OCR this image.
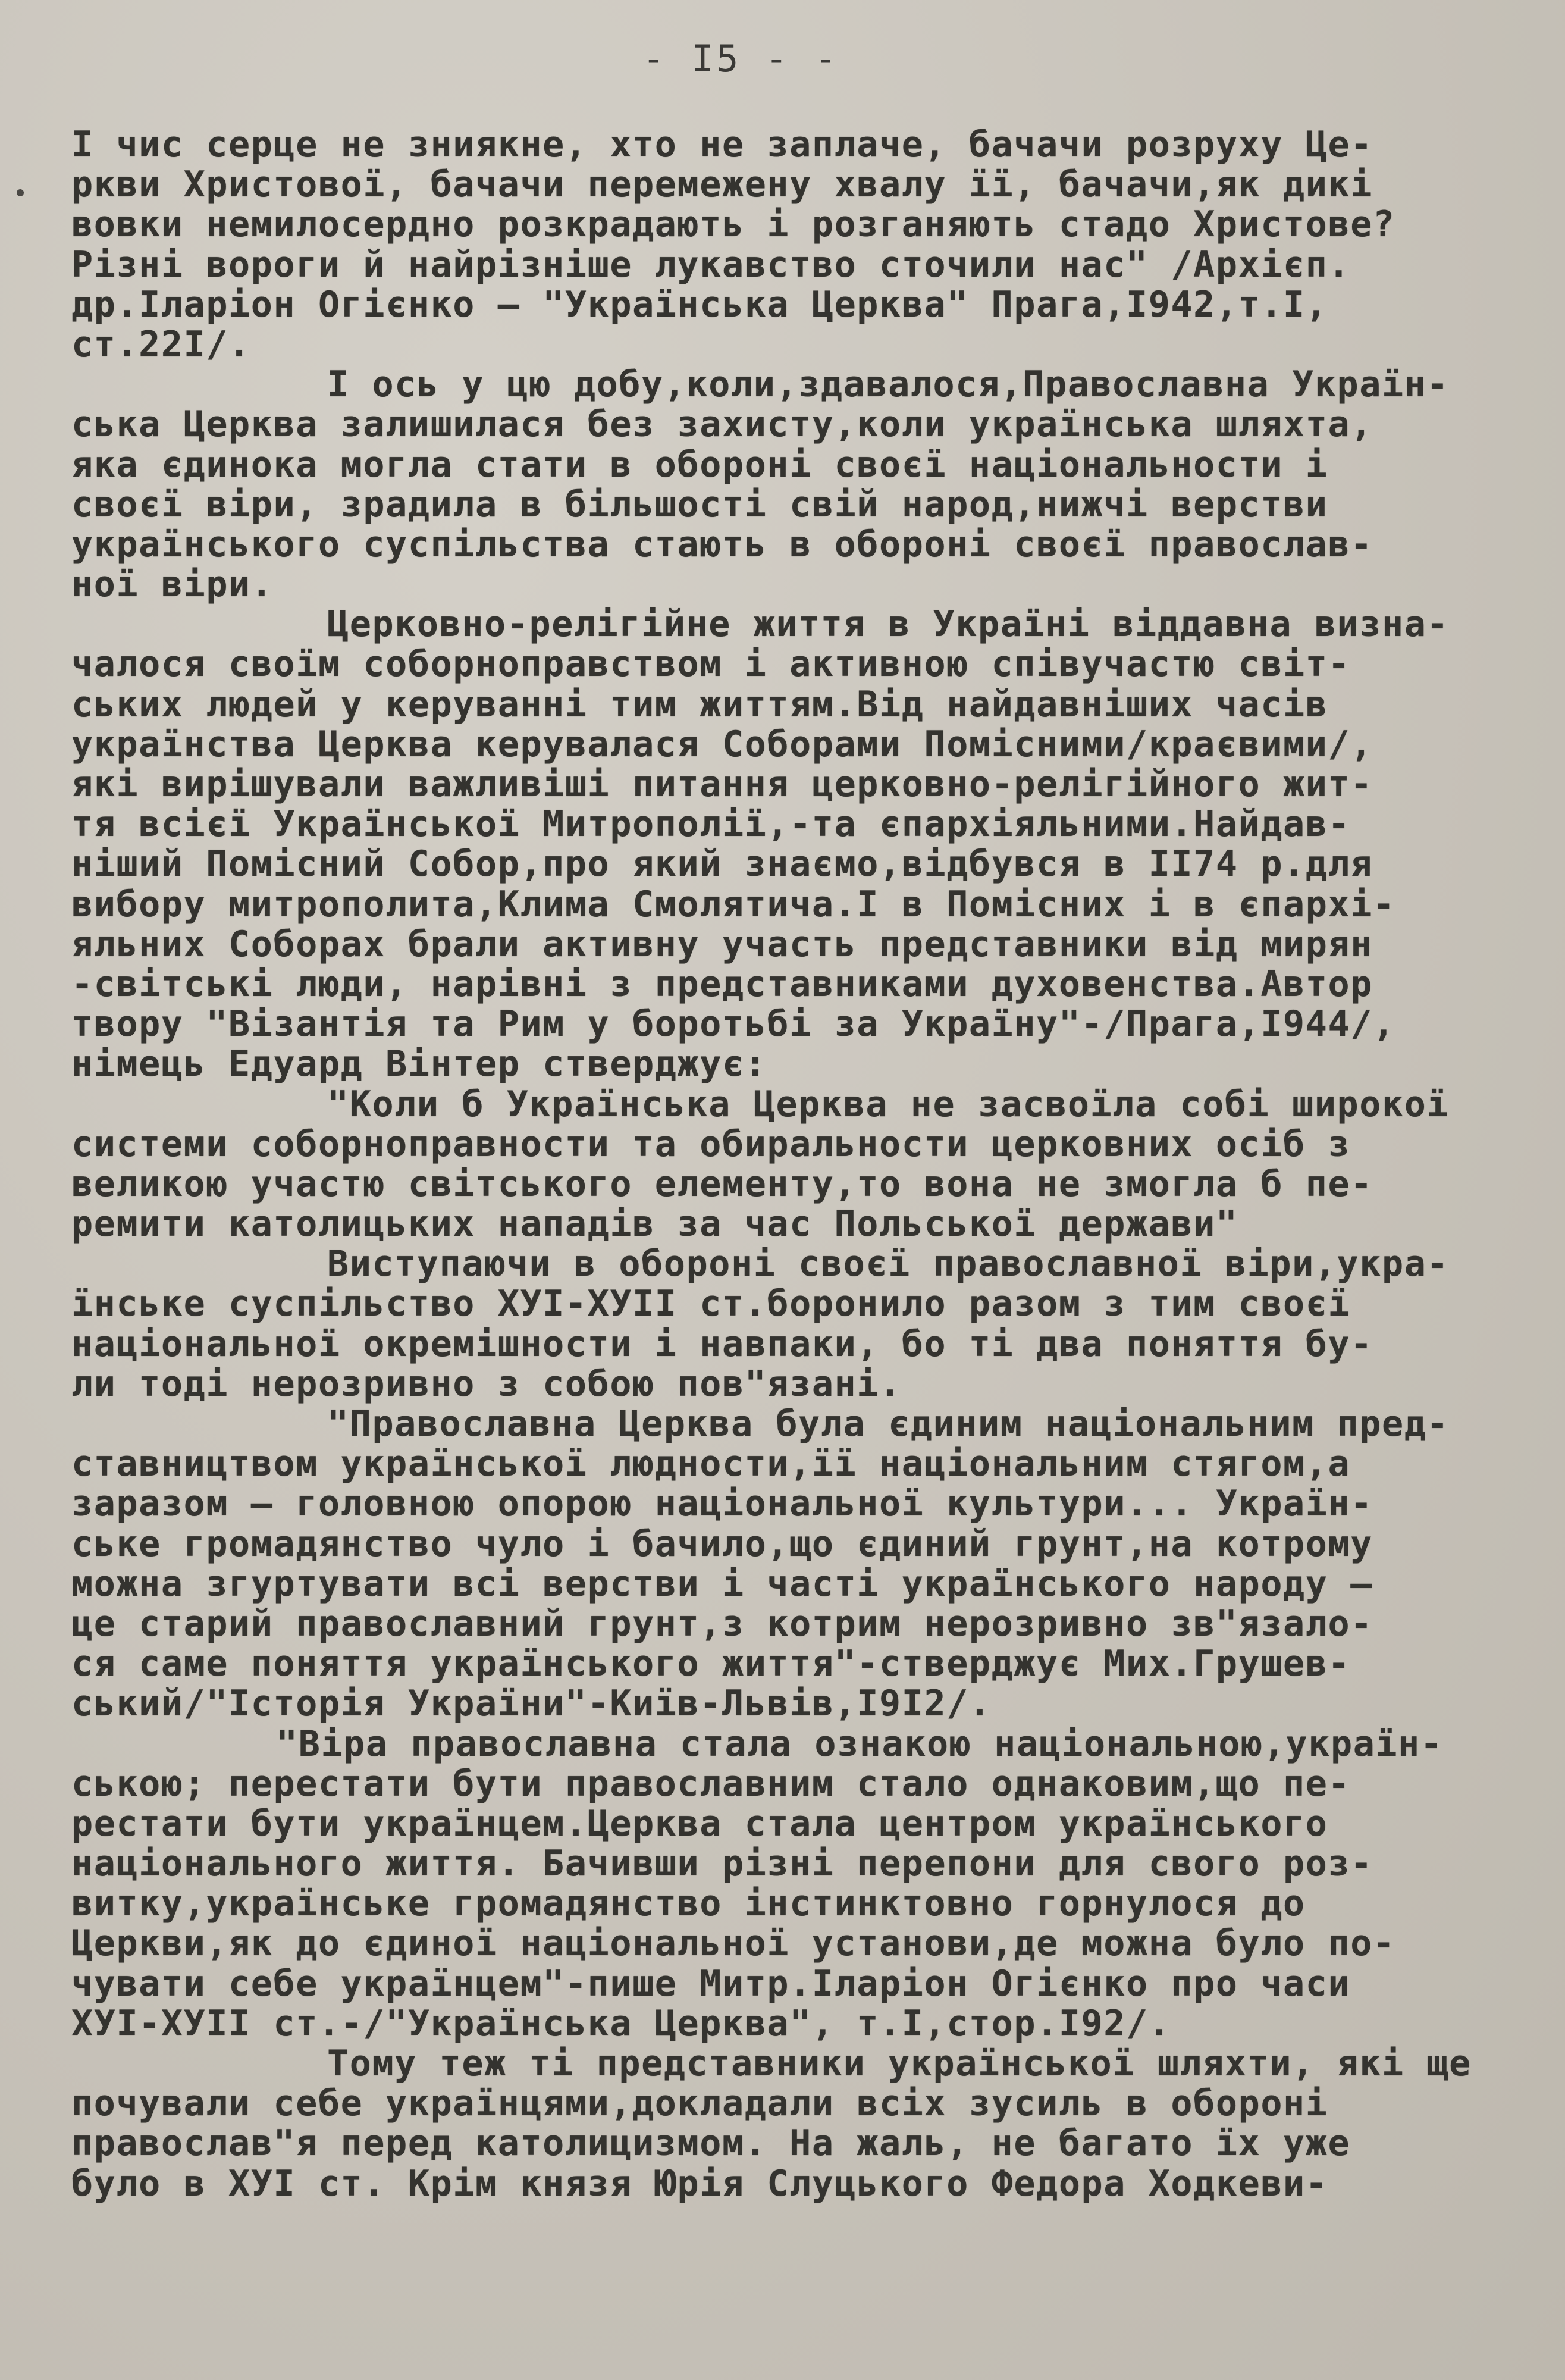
- I5 - -
І чис серце не зниякне, хто не заплаче, бачачи розруху Це-
ркви Христової, бачачи перемежену хвалу її, бачачи,як дикі
вовки немилосердно розкрадають і розганяють стадо Христове?
Різні вороги й найрізніше лукавство сточили нас" /Архієп.
др.Іларіон Огієнко – "Українська Церква" Прага,І942,т.І,
ст.22І/.
І ось у цю добу,коли,здавалося,Православна Україн-
ська Церква залишилася без захисту,коли українська шляхта,
яка єдинока могла стати в обороні своєї національности і
своєї віри, зрадила в більшості свій народ,нижчі верстви
українського суспільства стають в обороні своєї православ-
ної віри.
Церковно-релігійне життя в Україні віддавна визна-
чалося своїм соборноправством і активною співучастю світ-
ських людей у керуванні тим життям.Від найдавніших часів
українства Церква керувалася Соборами Помісними/краєвими/,
які вирішували важливіші питання церковно-релігійного жит-
тя всієї Української Митрополії,-та єпархіяльними.Найдав-
ніший Помісний Собор,про який знаємо,відбувся в II74 р.для
вибору митрополита,Клима Смолятича.І в Помісних і в єпархі-
яльних Соборах брали активну участь представники від мирян
-світські люди, нарівні з представниками духовенства.Автор
твору "Візантія та Рим у боротьбі за Україну"-/Прага,І944/,
німець Едуард Вінтер стверджує:
"Коли б Українська Церква не засвоїла собі широкої
системи соборноправности та обиральности церковних осіб з
великою участю світського елементу,то вона не змогла б пе-
ремити католицьких нападів за час Польської держави"
Виступаючи в обороні своєї православної віри,укра-
їнське суспільство ХУІ-ХУІІ ст.боронило разом з тим своєї
національної окремішности і навпаки, бо ті два поняття бу-
ли тоді нерозривно з собою пов"язані.
"Православна Церква була єдиним національним пред-
ставництвом української людности,її національним стягом,а
заразом – головною опорою національної культури... Україн-
ське громадянство чуло і бачило,що єдиний грунт,на котрому
можна згуртувати всі верстви і часті українського народу –
це старий православний грунт,з котрим нерозривно зв"язало-
ся саме поняття українського життя"-стверджує Мих.Грушев-
ський/"Історія України"-Київ-Львів,І9І2/.
"Віра православна стала ознакою національною,україн-
ською; перестати бути православним стало однаковим,що пе-
рестати бути українцем.Церква стала центром українського
національного життя. Бачивши різні перепони для свого роз-
витку,українське громадянство інстинктовно горнулося до
Церкви,як до єдиної національної установи,де можна було по-
чувати себе українцем"-пише Митр.Іларіон Огієнко про часи
ХУІ-ХУІІ ст.-/"Українська Церква", т.І,стор.І92/.
Тому теж ті представники української шляхти, які ще
почували себе українцями,докладали всіх зусиль в обороні
православ"я перед католицизмом. На жаль, не багато їх уже
було в ХУІ ст. Крім князя Юрія Слуцького Федора Ходкеви-
